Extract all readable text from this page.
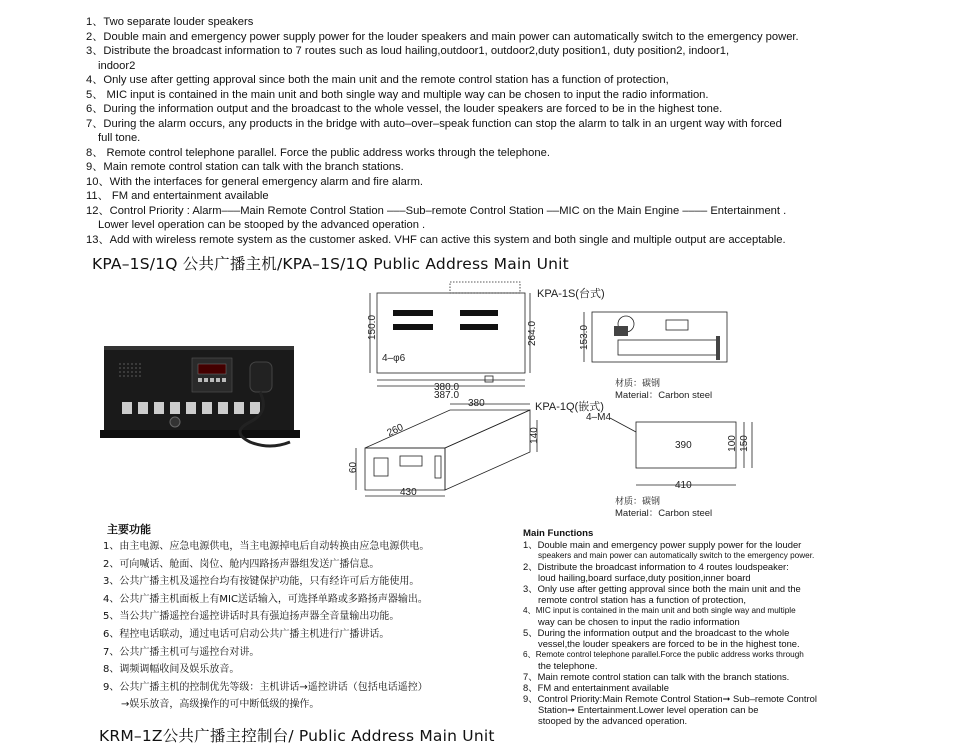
1、Two separate louder speakers
2、Double main and emergency power supply power for the louder speakers and main power can automatically switch to the emergency power.
3、Distribute the broadcast information to 7 routes such as loud hailing,outdoor1, outdoor2,duty position1, duty position2, indoor1,
indoor2
4、Only use after getting approval since both the main unit and the remote control station has a function of protection,
5、 MIC input is contained in the main unit and both single way and multiple way can be chosen to input the radio information.
6、During the information output and the broadcast to the whole vessel, the louder speakers are forced to be in the highest tone.
7、During the alarm occurs, any products in the bridge with auto–over–speak function can stop the alarm to talk in an urgent way with forced
full tone.
8、 Remote control telephone parallel. Force the public address works through the telephone.
9、Main remote control station can talk with the branch stations.
10、With the interfaces for general emergency alarm and fire alarm.
11、 FM and entertainment available
12、Control Priority : Alarm–––Main Remote Control Station –––Sub–remote Control Station ––MIC on the Main Engine –––– Entertainment .
Lower level operation can be stooped by the advanced operation .
13、Add with wireless remote system as the customer asked. VHF can active this system and both single and multiple output are acceptable.
KPA–1S/1Q 公共广播主机/KPA–1S/1Q Public Address Main Unit
150.0	264.0
4–φ6
380.0
387.0
KPA-1S(台式)
153.0
材质：碳钢
Material：Carbon steel
KPA-1Q(嵌式)
4–M4
390	100 150
410
380
260	140
60
430
材质：碳钢
Material：Carbon steel
主要功能
1、由主电源、应急电源供电，当主电源掉电后自动转换由应急电源供电。
2、可向喊话、舱面、岗位、舱内四路扬声器组发送广播信息。
3、公共广播主机及遥控台均有按键保护功能，只有经许可后方能使用。
4、公共广播主机面板上有MIC送话输入，可选择单路或多路扬声器输出。
5、当公共广播遥控台遥控讲话时具有强迫扬声器全音量输出功能。
6、程控电话联动，通过电话可启动公共广播主机进行广播讲话。
7、公共广播主机可与遥控台对讲。
8、调频调幅收间及娱乐放音。
9、公共广播主机的控制优先等级：主机讲话→遥控讲话（包括电话遥控）
→娱乐放音，高级操作的可中断低级的操作。
Main Functions
1、Double main and emergency power supply power for the louder
speakers and main power can automatically switch to the emergency power.
2、Distribute the broadcast information to 4 routes loudspeaker:
loud hailing,board surface,duty position,inner board
3、Only use after getting approval since both the main unit and the
remote control station has a function of protection,
4、MIC input is contained in the main unit and both single way and multiple
way can be chosen to input the radio information
5、During the information output and the broadcast to the whole
vessel,the louder speakers are forced to be in the highest tone.
6、Remote control telephone parallel.Force the public address works through
the telephone.
7、Main remote control station can talk with the branch stations.
8、FM and entertainment available
9、Control Priority:Main Remote Control Station➞ Sub–remote Control
Station➞ Entertainment.Lower level operation can be
stooped by the advanced operation.
KRM–1Z公共广播主控制台/ Public Address Main Unit
